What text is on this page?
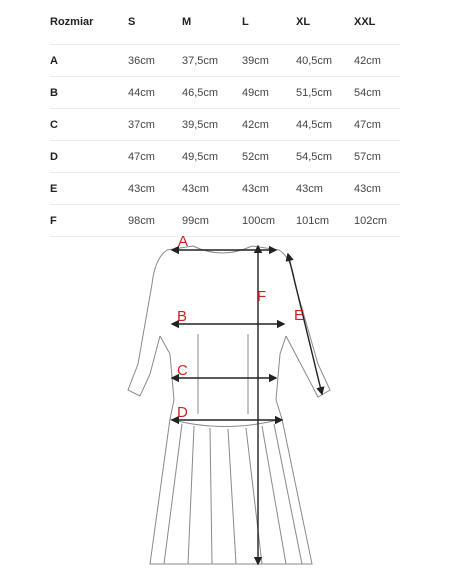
Rozmiar	S	M	L	XL	XXL
A	36cm	37,5cm	39cm	40,5cm	42cm
B	44cm	46,5cm	49cm	51,5cm	54cm
C	37cm	39,5cm	42cm	44,5cm	47cm
D	47cm	49,5cm	52cm	54,5cm	57cm
E	43cm	43cm	43cm	43cm	43cm
F	98cm	99cm	100cm	101cm	102cm
A
B
C
D
E
F
